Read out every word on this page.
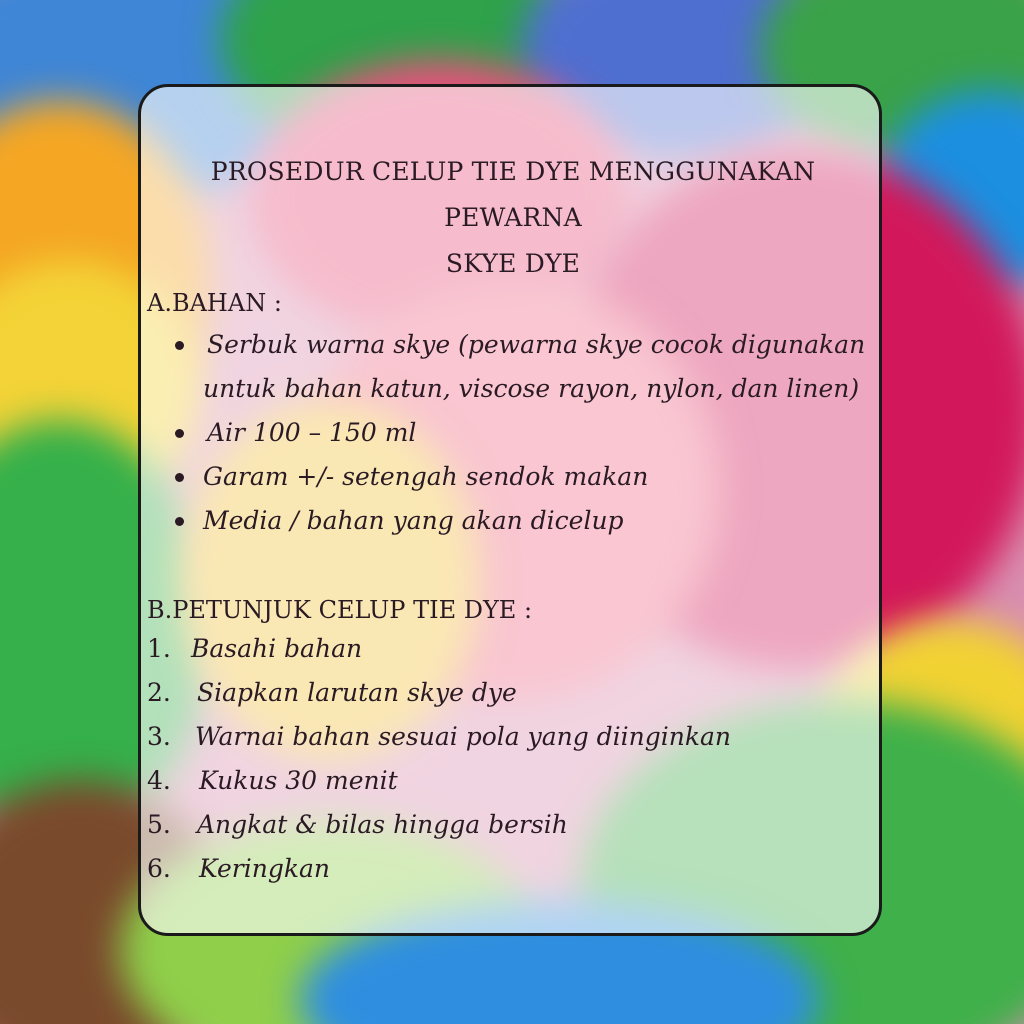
PROSEDUR CELUP TIE DYE MENGGUNAKAN PEWARNA
SKYE DYE
A.BAHAN :
Serbuk warna skye (pewarna skye cocok digunakan
untuk bahan katun, viscose rayon, nylon, dan linen)
Air 100 – 150 ml
Garam +/- setengah sendok makan
Media / bahan yang akan dicelup
B.PETUNJUK CELUP TIE DYE :
1. Basahi bahan
2. Siapkan larutan skye dye
3. Warnai bahan sesuai pola yang diinginkan
4. Kukus 30 menit
5. Angkat & bilas hingga bersih
6. Keringkan
